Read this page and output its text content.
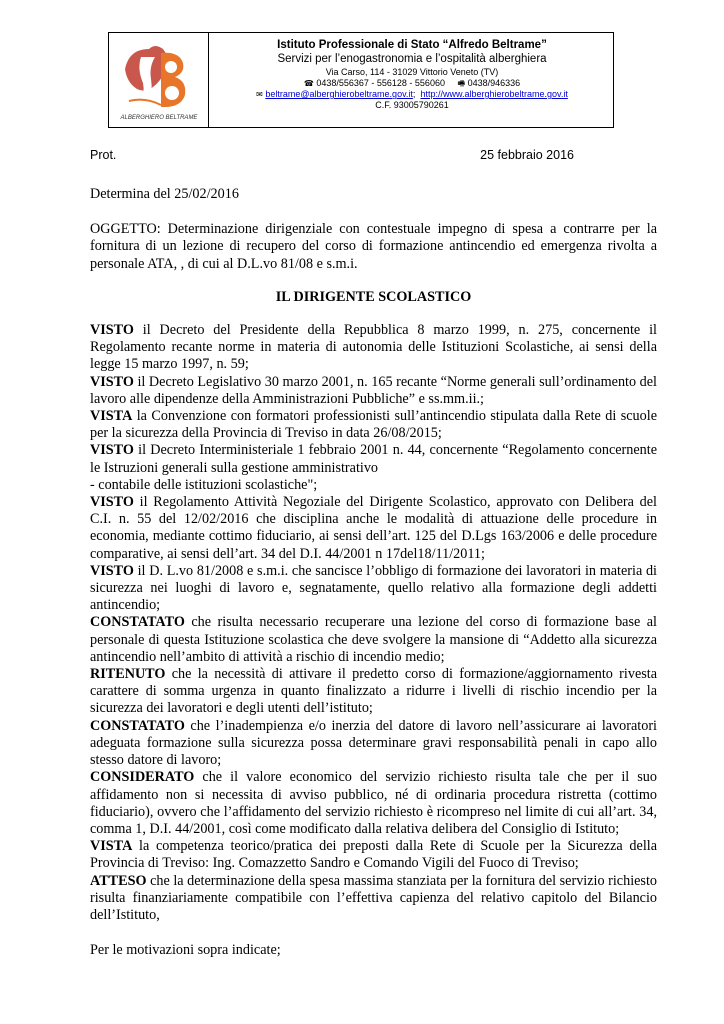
ALBERGHIERO BELTRAME
Istituto Professionale di Stato “Alfredo Beltrame”
Servizi per l’enogastronomia e l’ospitalità alberghiera
Via Carso, 114 - 31029 Vittorio Veneto (TV)
☎ 0438/556367 - 556128 - 556060 🖷 0438/946336
✉ beltrame@alberghierobeltrame.gov.it; http://www.alberghierobeltrame.gov.it
C.F. 93005790261
Prot.	25 febbraio 2016

Determina del 25/02/2016

OGGETTO: Determinazione dirigenziale con contestuale impegno di spesa a contrarre per la fornitura di un lezione di recupero del corso di formazione antincendio ed emergenza rivolta a personale ATA, , di cui al D.L.vo 81/08 e s.m.i.

IL DIRIGENTE SCOLASTICO

VISTO il Decreto del Presidente della Repubblica 8 marzo 1999, n. 275, concernente il Regolamento recante norme in materia di autonomia delle Istituzioni Scolastiche, ai sensi della legge 15 marzo 1997, n. 59;

VISTO il Decreto Legislativo 30 marzo 2001, n. 165 recante “Norme generali sull’ordinamento del lavoro alle dipendenze della Amministrazioni Pubbliche” e ss.mm.ii.;

VISTA la Convenzione con formatori professionisti sull’antincendio stipulata dalla Rete di scuole per la sicurezza della Provincia di Treviso in data 26/08/2015;

VISTO il Decreto Interministeriale 1 febbraio 2001 n. 44, concernente “Regolamento concernente le Istruzioni generali sulla gestione amministrativo

- contabile delle istituzioni scolastiche";

VISTO il Regolamento Attività Negoziale del Dirigente Scolastico, approvato con Delibera del C.I. n. 55 del 12/02/2016 che disciplina anche le modalità di attuazione delle procedure in economia, mediante cottimo fiduciario, ai sensi dell’art. 125 del D.Lgs 163/2006 e delle procedure comparative, ai sensi dell’art. 34 del D.I. 44/2001 n 17del18/11/2011;

VISTO il D. L.vo 81/2008 e s.m.i. che sancisce l’obbligo di formazione dei lavoratori in materia di sicurezza nei luoghi di lavoro e, segnatamente, quello relativo alla formazione degli addetti antincendio;

CONSTATATO che risulta necessario recuperare una lezione del corso di formazione base al personale di questa Istituzione scolastica che deve svolgere la mansione di “Addetto alla sicurezza antincendio nell’ambito di attività a rischio di incendio medio;

RITENUTO che la necessità di attivare il predetto corso di formazione/aggiornamento rivesta carattere di somma urgenza in quanto finalizzato a ridurre i livelli di rischio incendio per la sicurezza dei lavoratori e degli utenti dell’istituto;

CONSTATATO che l’inadempienza e/o inerzia del datore di lavoro nell’assicurare ai lavoratori adeguata formazione sulla sicurezza possa determinare gravi responsabilità penali in capo allo stesso datore di lavoro;

CONSIDERATO che il valore economico del servizio richiesto risulta tale che per il suo affidamento non si necessita di avviso pubblico, né di ordinaria procedura ristretta (cottimo fiduciario), ovvero che l’affidamento del servizio richiesto è ricompreso nel limite di cui all’art. 34, comma 1, D.I. 44/2001, così come modificato dalla relativa delibera del Consiglio di Istituto;

VISTA la competenza teorico/pratica dei preposti dalla Rete di Scuole per la Sicurezza della Provincia di Treviso: Ing. Comazzetto Sandro e Comando Vigili del Fuoco di Treviso;

ATTESO che la determinazione della spesa massima stanziata per la fornitura del servizio richiesto risulta finanziariamente compatibile con l’effettiva capienza del relativo capitolo del Bilancio dell’Istituto,

Per le motivazioni sopra indicate;
